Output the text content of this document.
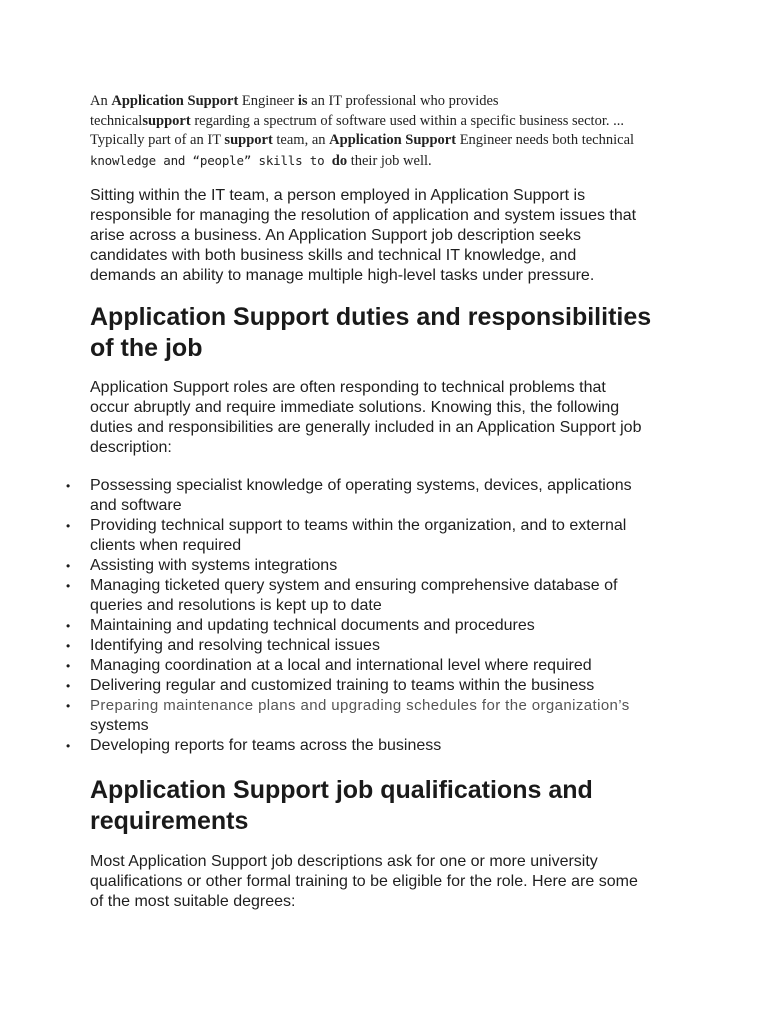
An Application Support Engineer is an IT professional who provides
technicalsupport regarding a spectrum of software used within a specific business sector. ...
Typically part of an IT support team, an Application Support Engineer needs both technical
knowledge and “people” skills to do their job well.

Sitting within the IT team, a person employed in Application Support is
responsible for managing the resolution of application and system issues that
arise across a business. An Application Support job description seeks
candidates with both business skills and technical IT knowledge, and
demands an ability to manage multiple high-level tasks under pressure.

Application Support duties and responsibilities
of the job

Application Support roles are often responding to technical problems that
occur abruptly and require immediate solutions. Knowing this, the following
duties and responsibilities are generally included in an Application Support job
description:

• Possessing specialist knowledge of operating systems, devices, applications
and software
• Providing technical support to teams within the organization, and to external
clients when required
• Assisting with systems integrations
• Managing ticketed query system and ensuring comprehensive database of
queries and resolutions is kept up to date
• Maintaining and updating technical documents and procedures
• Identifying and resolving technical issues
• Managing coordination at a local and international level where required
• Delivering regular and customized training to teams within the business
• Preparing maintenance plans and upgrading schedules for the organization’s
systems
• Developing reports for teams across the business
Application Support job qualifications and
requirements

Most Application Support job descriptions ask for one or more university
qualifications or other formal training to be eligible for the role. Here are some
of the most suitable degrees:
